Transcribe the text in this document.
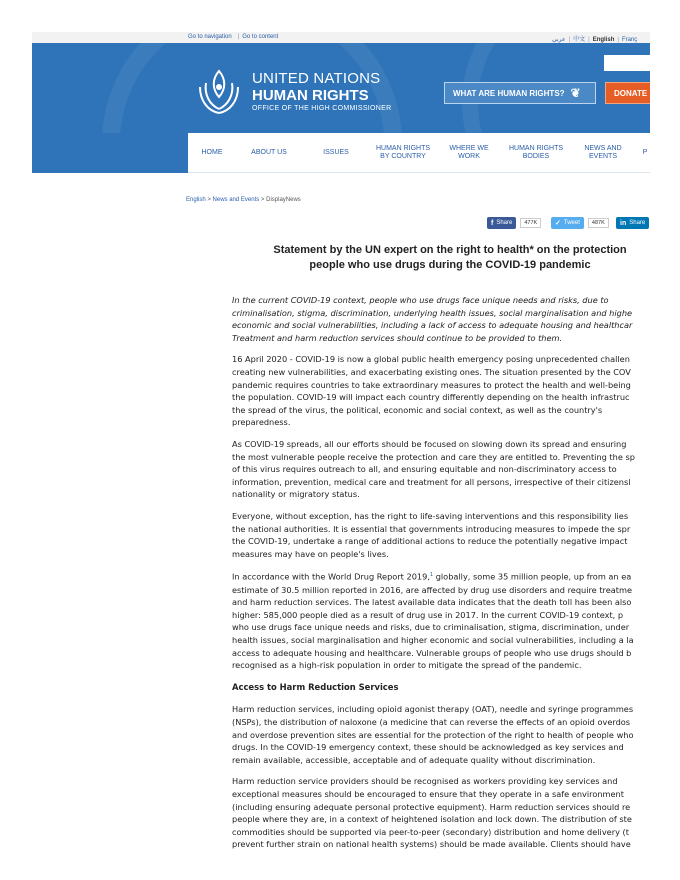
Go to navigation | Go to content	عربي | 中文 | English | Franç
UNITED NATIONS
HUMAN RIGHTS
OFFICE OF THE HIGH COMMISSIONER
WHAT ARE HUMAN RIGHTS? ❦	DONATE
HOME	ABOUT US	ISSUES
HUMAN RIGHTS
BY COUNTRY
WHERE WE
WORK
HUMAN RIGHTS
BODIES
NEWS AND
EVENTS
P
English > News and Events > DisplayNews
f Share	477K	✓ Tweet	487K	in Share
Statement by the UN expert on the right to health* on the protection
people who use drugs during the COVID-19 pandemic

In the current COVID-19 context, people who use drugs face unique needs and risks, due to
criminalisation, stigma, discrimination, underlying health issues, social marginalisation and highe
economic and social vulnerabilities, including a lack of access to adequate housing and healthcar
Treatment and harm reduction services should continue to be provided to them.

16 April 2020 - COVID-19 is now a global public health emergency posing unprecedented challen
creating new vulnerabilities, and exacerbating existing ones. The situation presented by the COV
pandemic requires countries to take extraordinary measures to protect the health and well-being
the population. COVID-19 will impact each country differently depending on the health infrastruc
the spread of the virus, the political, economic and social context, as well as the country's
preparedness.

As COVID-19 spreads, all our efforts should be focused on slowing down its spread and ensuring
the most vulnerable people receive the protection and care they are entitled to. Preventing the sp
of this virus requires outreach to all, and ensuring equitable and non-discriminatory access to
information, prevention, medical care and treatment for all persons, irrespective of their citizensl
nationality or migratory status.

Everyone, without exception, has the right to life-saving interventions and this responsibility lies
the national authorities. It is essential that governments introducing measures to impede the spr
the COVID-19, undertake a range of additional actions to reduce the potentially negative impact
measures may have on people's lives.

In accordance with the World Drug Report 2019,$^1$ globally, some 35 million people, up from an ea
estimate of 30.5 million reported in 2016, are affected by drug use disorders and require treatme
and harm reduction services. The latest available data indicates that the death toll has been also
higher: 585,000 people died as a result of drug use in 2017. In the current COVID-19 context, p
who use drugs face unique needs and risks, due to criminalisation, stigma, discrimination, under
health issues, social marginalisation and higher economic and social vulnerabilities, including a la
access to adequate housing and healthcare. Vulnerable groups of people who use drugs should b
recognised as a high-risk population in order to mitigate the spread of the pandemic.

Access to Harm Reduction Services

Harm reduction services, including opioid agonist therapy (OAT), needle and syringe programmes
(NSPs), the distribution of naloxone (a medicine that can reverse the effects of an opioid overdos
and overdose prevention sites are essential for the protection of the right to health of people who
drugs. In the COVID-19 emergency context, these should be acknowledged as key services and
remain available, accessible, acceptable and of adequate quality without discrimination.

Harm reduction service providers should be recognised as workers providing key services and
exceptional measures should be encouraged to ensure that they operate in a safe environment
(including ensuring adequate personal protective equipment). Harm reduction services should re
people where they are, in a context of heightened isolation and lock down. The distribution of ste
commodities should be supported via peer-to-peer (secondary) distribution and home delivery (t
prevent further strain on national health systems) should be made available. Clients should have
